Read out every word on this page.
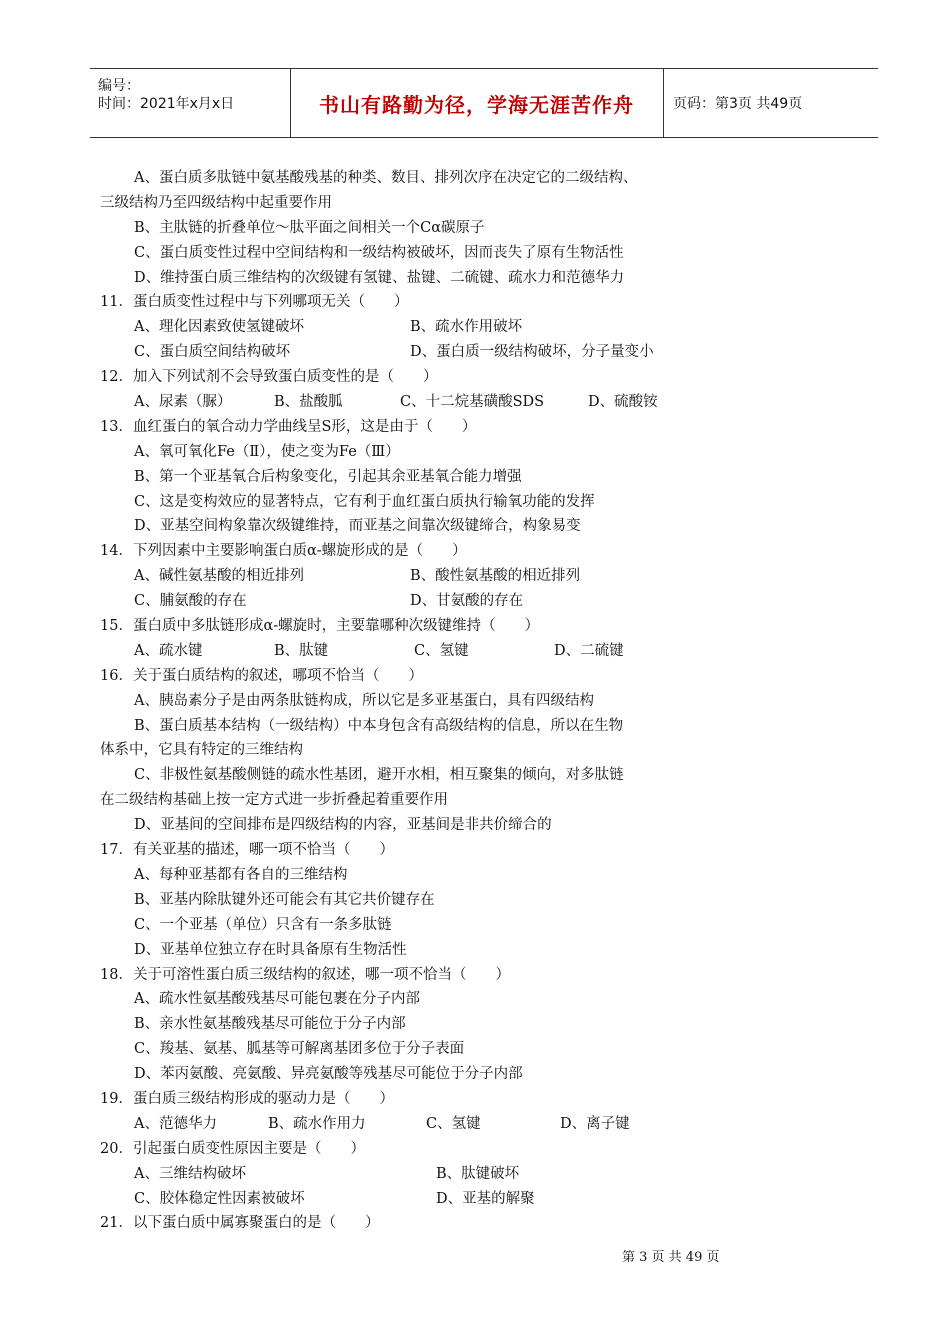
编号：
时间：2021年x月x日	书山有路勤为径，学海无涯苦作舟	页码：第3页 共49页
A、蛋白质多肽链中氨基酸残基的种类、数目、排列次序在决定它的二级结构、
三级结构乃至四级结构中起重要作用
B、主肽链的折叠单位～肽平面之间相关一个Cα碳原子
C、蛋白质变性过程中空间结构和一级结构被破坏，因而丧失了原有生物活性
D、维持蛋白质三维结构的次级键有氢键、盐键、二硫键、疏水力和范德华力
11．蛋白质变性过程中与下列哪项无关（　　）
A、理化因素致使氢键破坏	B、疏水作用破坏
C、蛋白质空间结构破坏	D、蛋白质一级结构破坏，分子量变小
12．加入下列试剂不会导致蛋白质变性的是（　　）
A、尿素（脲）	B、盐酸胍	C、十二烷基磺酸SDS	D、硫酸铵
13．血红蛋白的氧合动力学曲线呈S形，这是由于（　　）
A、氧可氧化Fe（Ⅱ），使之变为Fe（Ⅲ）
B、第一个亚基氧合后构象变化，引起其余亚基氧合能力增强
C、这是变构效应的显著特点，它有利于血红蛋白质执行输氧功能的发挥
D、亚基空间构象靠次级键维持，而亚基之间靠次级键缔合，构象易变
14．下列因素中主要影响蛋白质α-螺旋形成的是（　　）
A、碱性氨基酸的相近排列	B、酸性氨基酸的相近排列
C、脯氨酸的存在	D、甘氨酸的存在
15．蛋白质中多肽链形成α-螺旋时，主要靠哪种次级键维持（　　）
A、疏水键	B、肽键	C、氢键	D、二硫键
16．关于蛋白质结构的叙述，哪项不恰当（　　）
A、胰岛素分子是由两条肽链构成，所以它是多亚基蛋白，具有四级结构
B、蛋白质基本结构（一级结构）中本身包含有高级结构的信息，所以在生物
体系中，它具有特定的三维结构
C、非极性氨基酸侧链的疏水性基团，避开水相，相互聚集的倾向，对多肽链
在二级结构基础上按一定方式进一步折叠起着重要作用
D、亚基间的空间排布是四级结构的内容，亚基间是非共价缔合的
17．有关亚基的描述，哪一项不恰当（　　）
A、每种亚基都有各自的三维结构
B、亚基内除肽键外还可能会有其它共价键存在
C、一个亚基（单位）只含有一条多肽链
D、亚基单位独立存在时具备原有生物活性
18．关于可溶性蛋白质三级结构的叙述，哪一项不恰当（　　）
A、疏水性氨基酸残基尽可能包裹在分子内部
B、亲水性氨基酸残基尽可能位于分子内部
C、羧基、氨基、胍基等可解离基团多位于分子表面
D、苯丙氨酸、亮氨酸、异亮氨酸等残基尽可能位于分子内部
19．蛋白质三级结构形成的驱动力是（　　）
A、范德华力	B、疏水作用力	C、氢键	D、离子键
20．引起蛋白质变性原因主要是（　　）
A、三维结构破坏	B、肽键破坏
C、胶体稳定性因素被破坏	D、亚基的解聚
21．以下蛋白质中属寡聚蛋白的是（　　）
第 3 页 共 49 页
